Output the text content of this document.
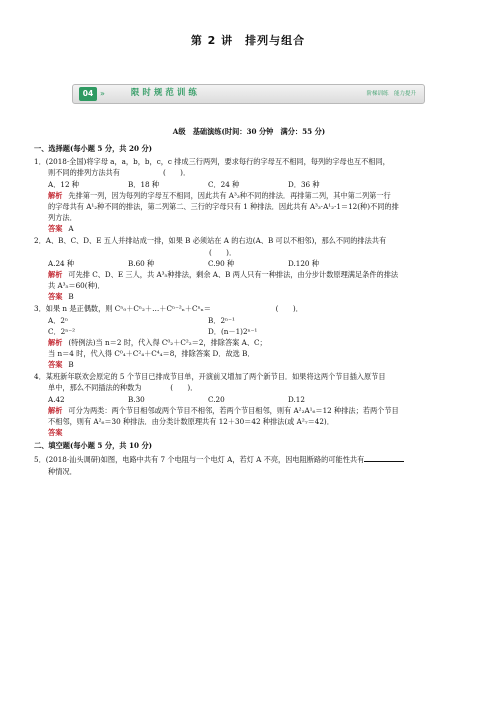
第 2 讲　排列与组合
04 »	限时规范训练	阶梯训练　能力提升
A级　基础演练(时间：30 分钟　满分：55 分)
一、选择题(每小题 5 分，共 20 分)
1．(2018·全国)将字母 a，a，b，b，c，c 排成三行两列，要求每行的字母互不相同，每列的字母也互不相同，
则不同的排列方法共有　　　　　　(　　)．
A．12 种	B．18 种	C．24 种	D．36 种
解析 先排第一列，因为每列的字母互不相同，因此共有 A³₃种不同的排法．再排第二列，其中第二列第一行
的字母共有 A¹₂种不同的排法，第二列第二、三行的字母只有 1 种排法．因此共有 A³₃·A¹₂·1＝12(种)不同的排
列方法．
答案 A
2．A、B、C、D、E 五人并排站成一排，如果 B 必须站在 A 的右边(A、B 可以不相邻)，那么不同的排法共有
(　　)．
A.24 种	B.60 种	C.90 种	D.120 种
解析 可先排 C、D、E 三人，共 A³₅种排法，剩余 A、B 两人只有一种排法，由分步计数原理满足条件的排法
共 A³₅＝60(种)．
答案 B
3．如果 n 是正偶数，则 Cⁿ₀＋Cⁿ₂＋…＋Cⁿ⁻²ₙ＋Cⁿₙ＝　　　　　　　　　(　　)．
A．2ⁿ	B．2ⁿ⁻¹
C．2ⁿ⁻²	D．(n－1)2ⁿ⁻¹
解析 (特例法)当 n＝2 时，代入得 C⁰₂＋C²₂＝2，排除答案 A、C；
当 n＝4 时，代入得 C⁰₄＋C²₄＋C⁴₄＝8，排除答案 D．故选 B．
答案 B
4．某班新年联欢会原定的 5 个节目已排成节目单，开演前又增加了两个新节目．如果将这两个节目插入原节目
单中，那么不同插法的种数为　　　　(　　)．
A.42	B.30	C.20	D.12
解析 可分为两类：两个节目相邻或两个节目不相邻，若两个节目相邻，则有 A²₂A¹₆＝12 种排法；若两个节目
不相邻，则有 A²₆＝30 种排法．由分类计数原理共有 12＋30＝42 种排法(或 A²₇＝42)．
答案
二、填空题(每小题 5 分，共 10 分)
5．(2018·汕头调研)如图，电路中共有 7 个电阻与一个电灯 A，若灯 A 不亮，因电阻断路的可能性共有
种情况．
